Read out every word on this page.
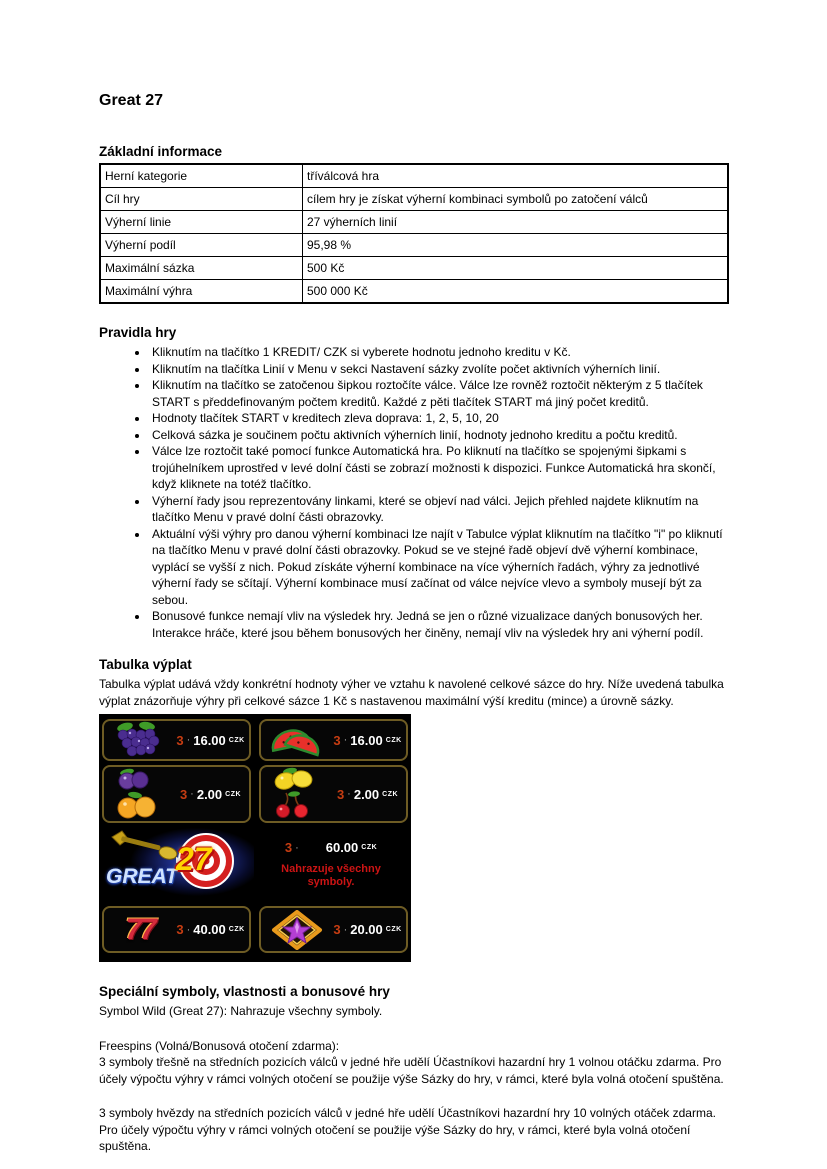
Great 27
Základní informace
Herní kategorie	tříválcová hra
Cíl hry	cílem hry je získat výherní kombinaci symbolů po zatočení válců
Výherní linie	27 výherních linií
Výherní podíl	95,98 %
Maximální sázka	500 Kč
Maximální výhra	500 000 Kč
Pravidla hry
• Kliknutím na tlačítko 1 KREDIT/ CZK si vyberete hodnotu jednoho kreditu v Kč.
• Kliknutím na tlačítka Linií v Menu v sekci Nastavení sázky zvolíte počet aktivních výherních linií.
• Kliknutím na tlačítko se zatočenou šipkou roztočíte válce. Válce lze rovněž roztočit některým z 5 tlačítek START s předdefinovaným počtem kreditů. Každé z pěti tlačítek START má jiný počet kreditů.
• Hodnoty tlačítek START v kreditech zleva doprava: 1, 2, 5, 10, 20
• Celková sázka je součinem počtu aktivních výherních linií, hodnoty jednoho kreditu a počtu kreditů.
• Válce lze roztočit také pomocí funkce Automatická hra. Po kliknutí na tlačítko se spojenými šipkami s trojúhelníkem uprostřed v levé dolní části se zobrazí možnosti k dispozici. Funkce Automatická hra skončí, když kliknete na totéž tlačítko.
• Výherní řady jsou reprezentovány linkami, které se objeví nad válci. Jejich přehled najdete kliknutím na tlačítko Menu v pravé dolní části obrazovky.
• Aktuální výši výhry pro danou výherní kombinaci lze najít v Tabulce výplat kliknutím na tlačítko "i" po kliknutí na tlačítko Menu v pravé dolní části obrazovky. Pokud se ve stejné řadě objeví dvě výherní kombinace, vyplácí se vyšší z nich. Pokud získáte výherní kombinace na více výherních řadách, výhry za jednotlivé výherní řady se sčítají. Výherní kombinace musí začínat od válce nejvíce vlevo a symboly musejí být za sebou.
• Bonusové funkce nemají vliv na výsledek hry. Jedná se jen o různé vizualizace daných bonusových her. Interakce hráče, které jsou během bonusových her činěny, nemají vliv na výsledek hry ani výherní podíl.
Tabulka výplat

Tabulka výplat udává vždy konkrétní hodnoty výher ve vztahu k navolené celkové sázce do hry. Níže uvedená tabulka výplat znázorňuje výhry při celkové sázce 1 Kč s nastavenou maximální výší kreditu (mince) a úrovně sázky.

3 · 16.00 CZK	3 · 16.00 CZK
3 · 2.00 CZK	3 · 2.00 CZK
GREAT
27	3 · 60.00 CZK
Nahrazuje všechny symboly.
77 3 · 40.00 CZK	3 · 20.00 CZK
Speciální symboly, vlastnosti a bonusové hry

Symbol Wild (Great 27): Nahrazuje všechny symboly.

Freespins (Volná/Bonusová otočení zdarma):

3 symboly třešně na středních pozicích válců v jedné hře udělí Účastníkovi hazardní hry 1 volnou otáčku zdarma. Pro účely výpočtu výhry v rámci volných otočení se použije výše Sázky do hry, v rámci, které byla volná otočení spuštěna.

3 symboly hvězdy na středních pozicích válců v jedné hře udělí Účastníkovi hazardní hry 10 volných otáček zdarma. Pro účely výpočtu výhry v rámci volných otočení se použije výše Sázky do hry, v rámci, které byla volná otočení spuštěna.
